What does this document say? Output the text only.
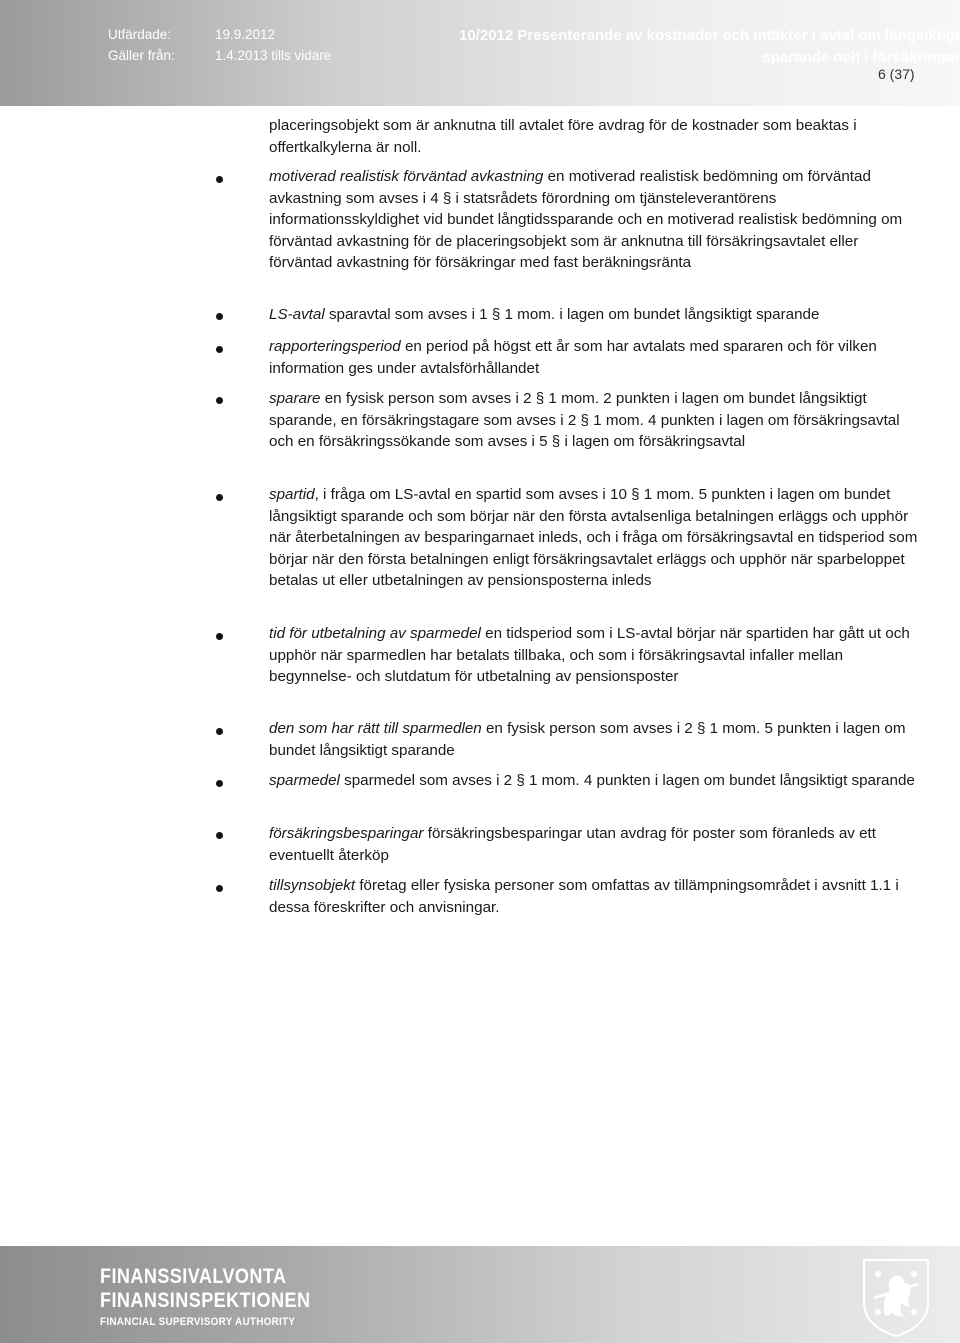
Utfärdade:	19.9.2012
Gäller från:	1.4.2013 tills vidare
10/2012 Presenterande av kostnader och intäkter i avtal om långsiktigt
sparande och i försäkringar
6 (37)
placeringsobjekt som är anknutna till avtalet före avdrag för de kostnader som beaktas i offertkalkylerna är noll.
motiverad realistisk förväntad avkastning en motiverad realistisk bedömning om förväntad avkastning som avses i 4 § i statsrådets förordning om tjänsteleverantörens informationsskyldighet vid bundet långtidssparande och en motiverad realistisk bedömning om förväntad avkastning för de placeringsobjekt som är anknutna till försäkringsavtalet eller förväntad avkastning för försäkringar med fast beräkningsränta
LS-avtal sparavtal som avses i 1 § 1 mom. i lagen om bundet långsiktigt sparande
rapporteringsperiod en period på högst ett år som har avtalats med spararen och för vilken information ges under avtalsförhållandet
sparare en fysisk person som avses i 2 § 1 mom. 2 punkten i lagen om bundet långsiktigt sparande, en försäkringstagare som avses i 2 § 1 mom. 4 punkten i lagen om försäkringsavtal och en försäkringssökande som avses i 5 § i lagen om försäkringsavtal
spartid, i fråga om LS-avtal en spartid som avses i 10 § 1 mom. 5 punkten i lagen om bundet långsiktigt sparande och som börjar när den första avtalsenliga betalningen erläggs och upphör när återbetalningen av besparingarnaet inleds, och i fråga om försäkringsavtal en tidsperiod som börjar när den första betalningen enligt försäkringsavtalet erläggs och upphör när sparbeloppet betalas ut eller utbetalningen av pensionsposterna inleds
tid för utbetalning av sparmedel en tidsperiod som i LS-avtal börjar när spartiden har gått ut och upphör när sparmedlen har betalats tillbaka, och som i försäkringsavtal infaller mellan begynnelse- och slutdatum för utbetalning av pensionsposter
den som har rätt till sparmedlen en fysisk person som avses i 2 § 1 mom. 5 punkten i lagen om bundet långsiktigt sparande
sparmedel sparmedel som avses i 2 § 1 mom. 4 punkten i lagen om bundet långsiktigt sparande
försäkringsbesparingar försäkringsbesparingar utan avdrag för poster som föranleds av ett eventuellt återköp
tillsynsobjekt företag eller fysiska personer som omfattas av tillämpningsområdet i avsnitt 1.1 i dessa föreskrifter och anvisningar.
FINANSSIVALVONTA
FINANSINSPEKTIONEN
FINANCIAL SUPERVISORY AUTHORITY
